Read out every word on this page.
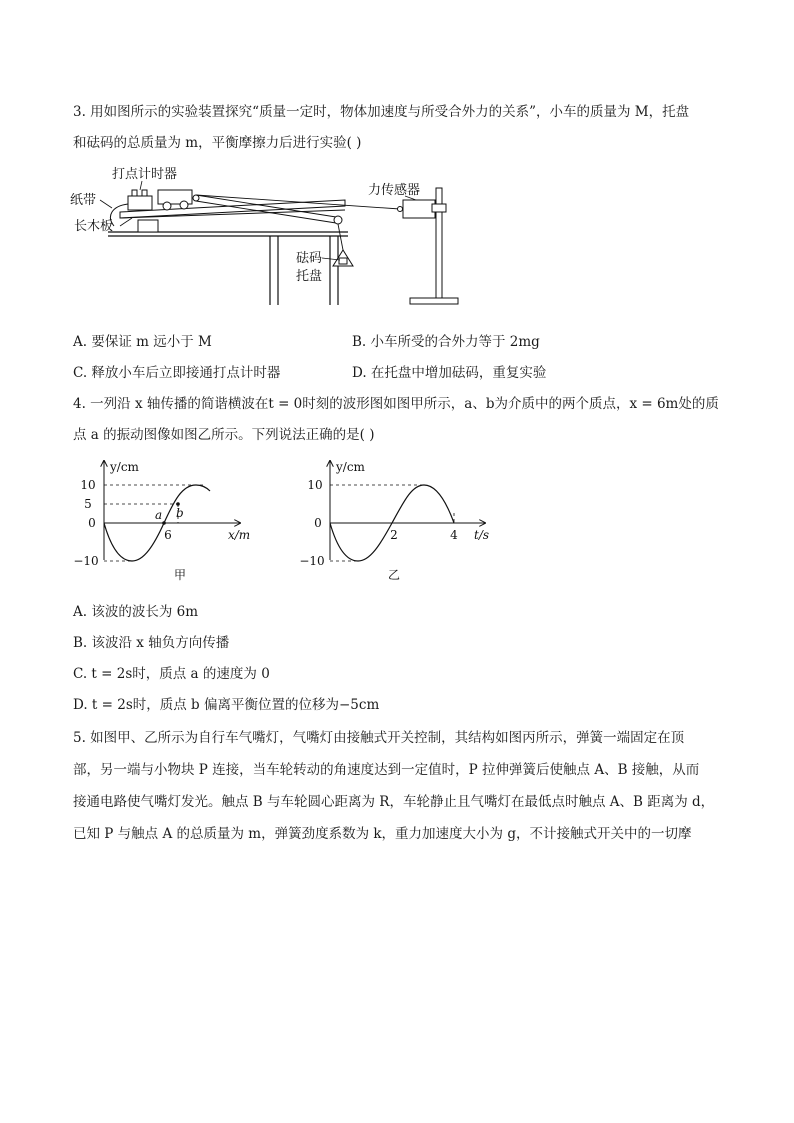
3. 用如图所示的实验装置探究“质量一定时，物体加速度与所受合外力的关系”，小车的质量为 M，托盘
和砝码的总质量为 m，平衡摩擦力后进行实验( )
打点计时器
纸带
长木板
力传感器
砝码
托盘
A. 要保证 m 远小于 M	B. 小车所受的合外力等于 2mg
C. 释放小车后立即接通打点计时器	D. 在托盘中增加砝码，重复实验
4. 一列沿 x 轴传播的简谐横波在t = 0时刻的波形图如图甲所示，a、b为介质中的两个质点，x = 6m处的质
点 a 的振动图像如图乙所示。下列说法正确的是( )
y/cm
10
5
0
−10
6
a b
x/m
甲
y/cm
10
0
−10
2	4 t/s
乙
A. 该波的波长为 6m
B. 该波沿 x 轴负方向传播
C. t = 2s时，质点 a 的速度为 0
D. t = 2s时，质点 b 偏离平衡位置的位移为−5cm
5. 如图甲、乙所示为自行车气嘴灯，气嘴灯由接触式开关控制，其结构如图丙所示，弹簧一端固定在顶
部，另一端与小物块 P 连接，当车轮转动的角速度达到一定值时，P 拉伸弹簧后使触点 A、B 接触，从而
接通电路使气嘴灯发光。触点 B 与车轮圆心距离为 R，车轮静止且气嘴灯在最低点时触点 A、B 距离为 d，
已知 P 与触点 A 的总质量为 m，弹簧劲度系数为 k，重力加速度大小为 g，不计接触式开关中的一切摩
